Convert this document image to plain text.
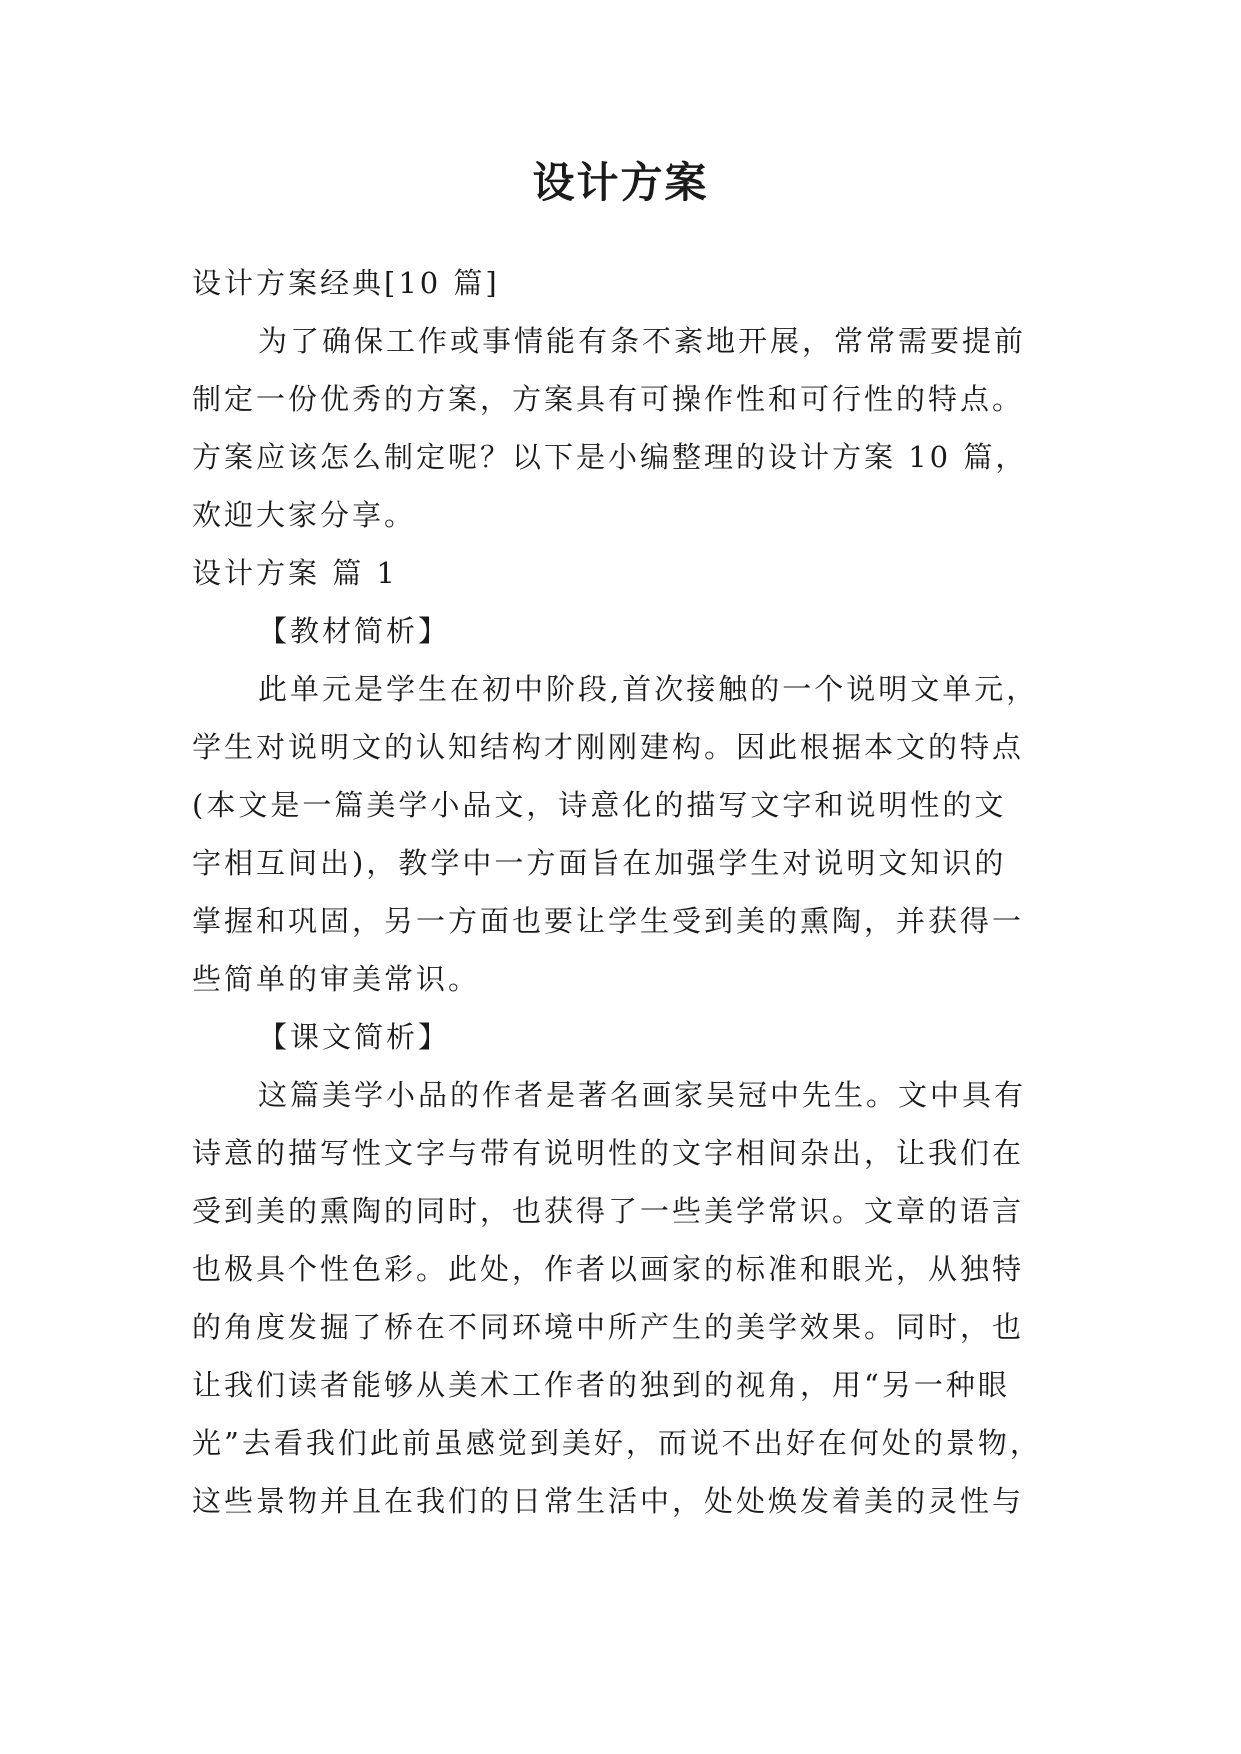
设计方案

设计方案经典[10 篇]

为了确保工作或事情能有条不紊地开展，常常需要提前

制定一份优秀的方案，方案具有可操作性和可行性的特点。

方案应该怎么制定呢？以下是小编整理的设计方案 10 篇，

欢迎大家分享。

设计方案 篇 1

【教材简析】

此单元是学生在初中阶段,首次接触的一个说明文单元，

学生对说明文的认知结构才刚刚建构。因此根据本文的特点

(本文是一篇美学小品文，诗意化的描写文字和说明性的文

字相互间出)，教学中一方面旨在加强学生对说明文知识的

掌握和巩固，另一方面也要让学生受到美的熏陶，并获得一

些简单的审美常识。

【课文简析】

这篇美学小品的作者是著名画家吴冠中先生。文中具有

诗意的描写性文字与带有说明性的文字相间杂出，让我们在

受到美的熏陶的同时，也获得了一些美学常识。文章的语言

也极具个性色彩。此处，作者以画家的标准和眼光，从独特

的角度发掘了桥在不同环境中所产生的美学效果。同时，也

让我们读者能够从美术工作者的独到的视角，用“另一种眼

光”去看我们此前虽感觉到美好，而说不出好在何处的景物，

这些景物并且在我们的日常生活中，处处焕发着美的灵性与
